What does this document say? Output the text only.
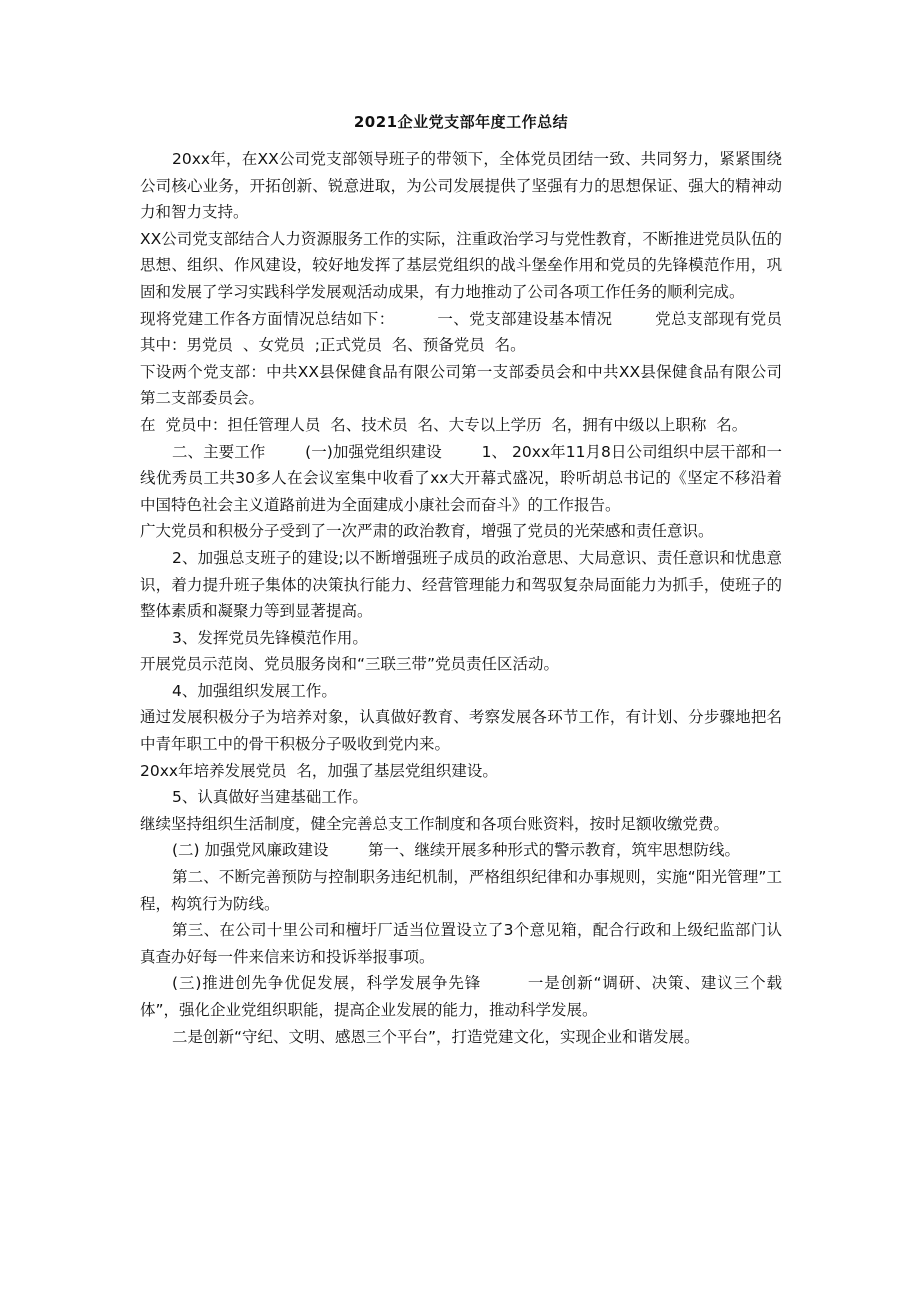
2021企业党支部年度工作总结

20xx年，在XX公司党支部领导班子的带领下，全体党员团结一致、共同努力，紧紧围绕公司核心业务，开拓创新、锐意进取，为公司发展提供了坚强有力的思想保证、强大的精神动力和智力支持。

XX公司党支部结合人力资源服务工作的实际，注重政治学习与党性教育，不断推进党员队伍的思想、组织、作风建设，较好地发挥了基层党组织的战斗堡垒作用和党员的先锋模范作用，巩固和发展了学习实践科学发展观活动成果，有力地推动了公司各项工作任务的顺利完成。

现将党建工作各方面情况总结如下：        一、党支部建设基本情况        党总支部现有党员  其中：男党员  、女党员  ;正式党员  名、预备党员  名。

下设两个党支部：中共XX县保健食品有限公司第一支部委员会和中共XX县保健食品有限公司第二支部委员会。

在  党员中：担任管理人员  名、技术员  名、大专以上学历  名，拥有中级以上职称  名。

二、主要工作        (一)加强党组织建设        1、 20xx年11月8日公司组织中层干部和一线优秀员工共30多人在会议室集中收看了xx大开幕式盛况，聆听胡总书记的《坚定不移沿着中国特色社会主义道路前进为全面建成小康社会而奋斗》的工作报告。

广大党员和积极分子受到了一次严肃的政治教育，增强了党员的光荣感和责任意识。

2、加强总支班子的建设;以不断增强班子成员的政治意思、大局意识、责任意识和忧患意识，着力提升班子集体的决策执行能力、经营管理能力和驾驭复杂局面能力为抓手，使班子的整体素质和凝聚力等到显著提高。

3、发挥党员先锋模范作用。

开展党员示范岗、党员服务岗和“三联三带”党员责任区活动。

4、加强组织发展工作。

通过发展积极分子为培养对象，认真做好教育、考察发展各环节工作，有计划、分步骤地把名中青年职工中的骨干积极分子吸收到党内来。

20xx年培养发展党员  名，加强了基层党组织建设。

5、认真做好当建基础工作。

继续坚持组织生活制度，健全完善总支工作制度和各项台账资料，按时足额收缴党费。

(二) 加强党风廉政建设        第一、继续开展多种形式的警示教育，筑牢思想防线。

第二、不断完善预防与控制职务违纪机制，严格组织纪律和办事规则，实施“阳光管理”工程，构筑行为防线。

第三、在公司十里公司和檀圩厂适当位置设立了3个意见箱，配合行政和上级纪监部门认真查办好每一件来信来访和投诉举报事项。

(三)推进创先争优促发展，科学发展争先锋        一是创新“调研、决策、建议三个载体”，强化企业党组织职能，提高企业发展的能力，推动科学发展。

二是创新“守纪、文明、感恩三个平台”，打造党建文化，实现企业和谐发展。
